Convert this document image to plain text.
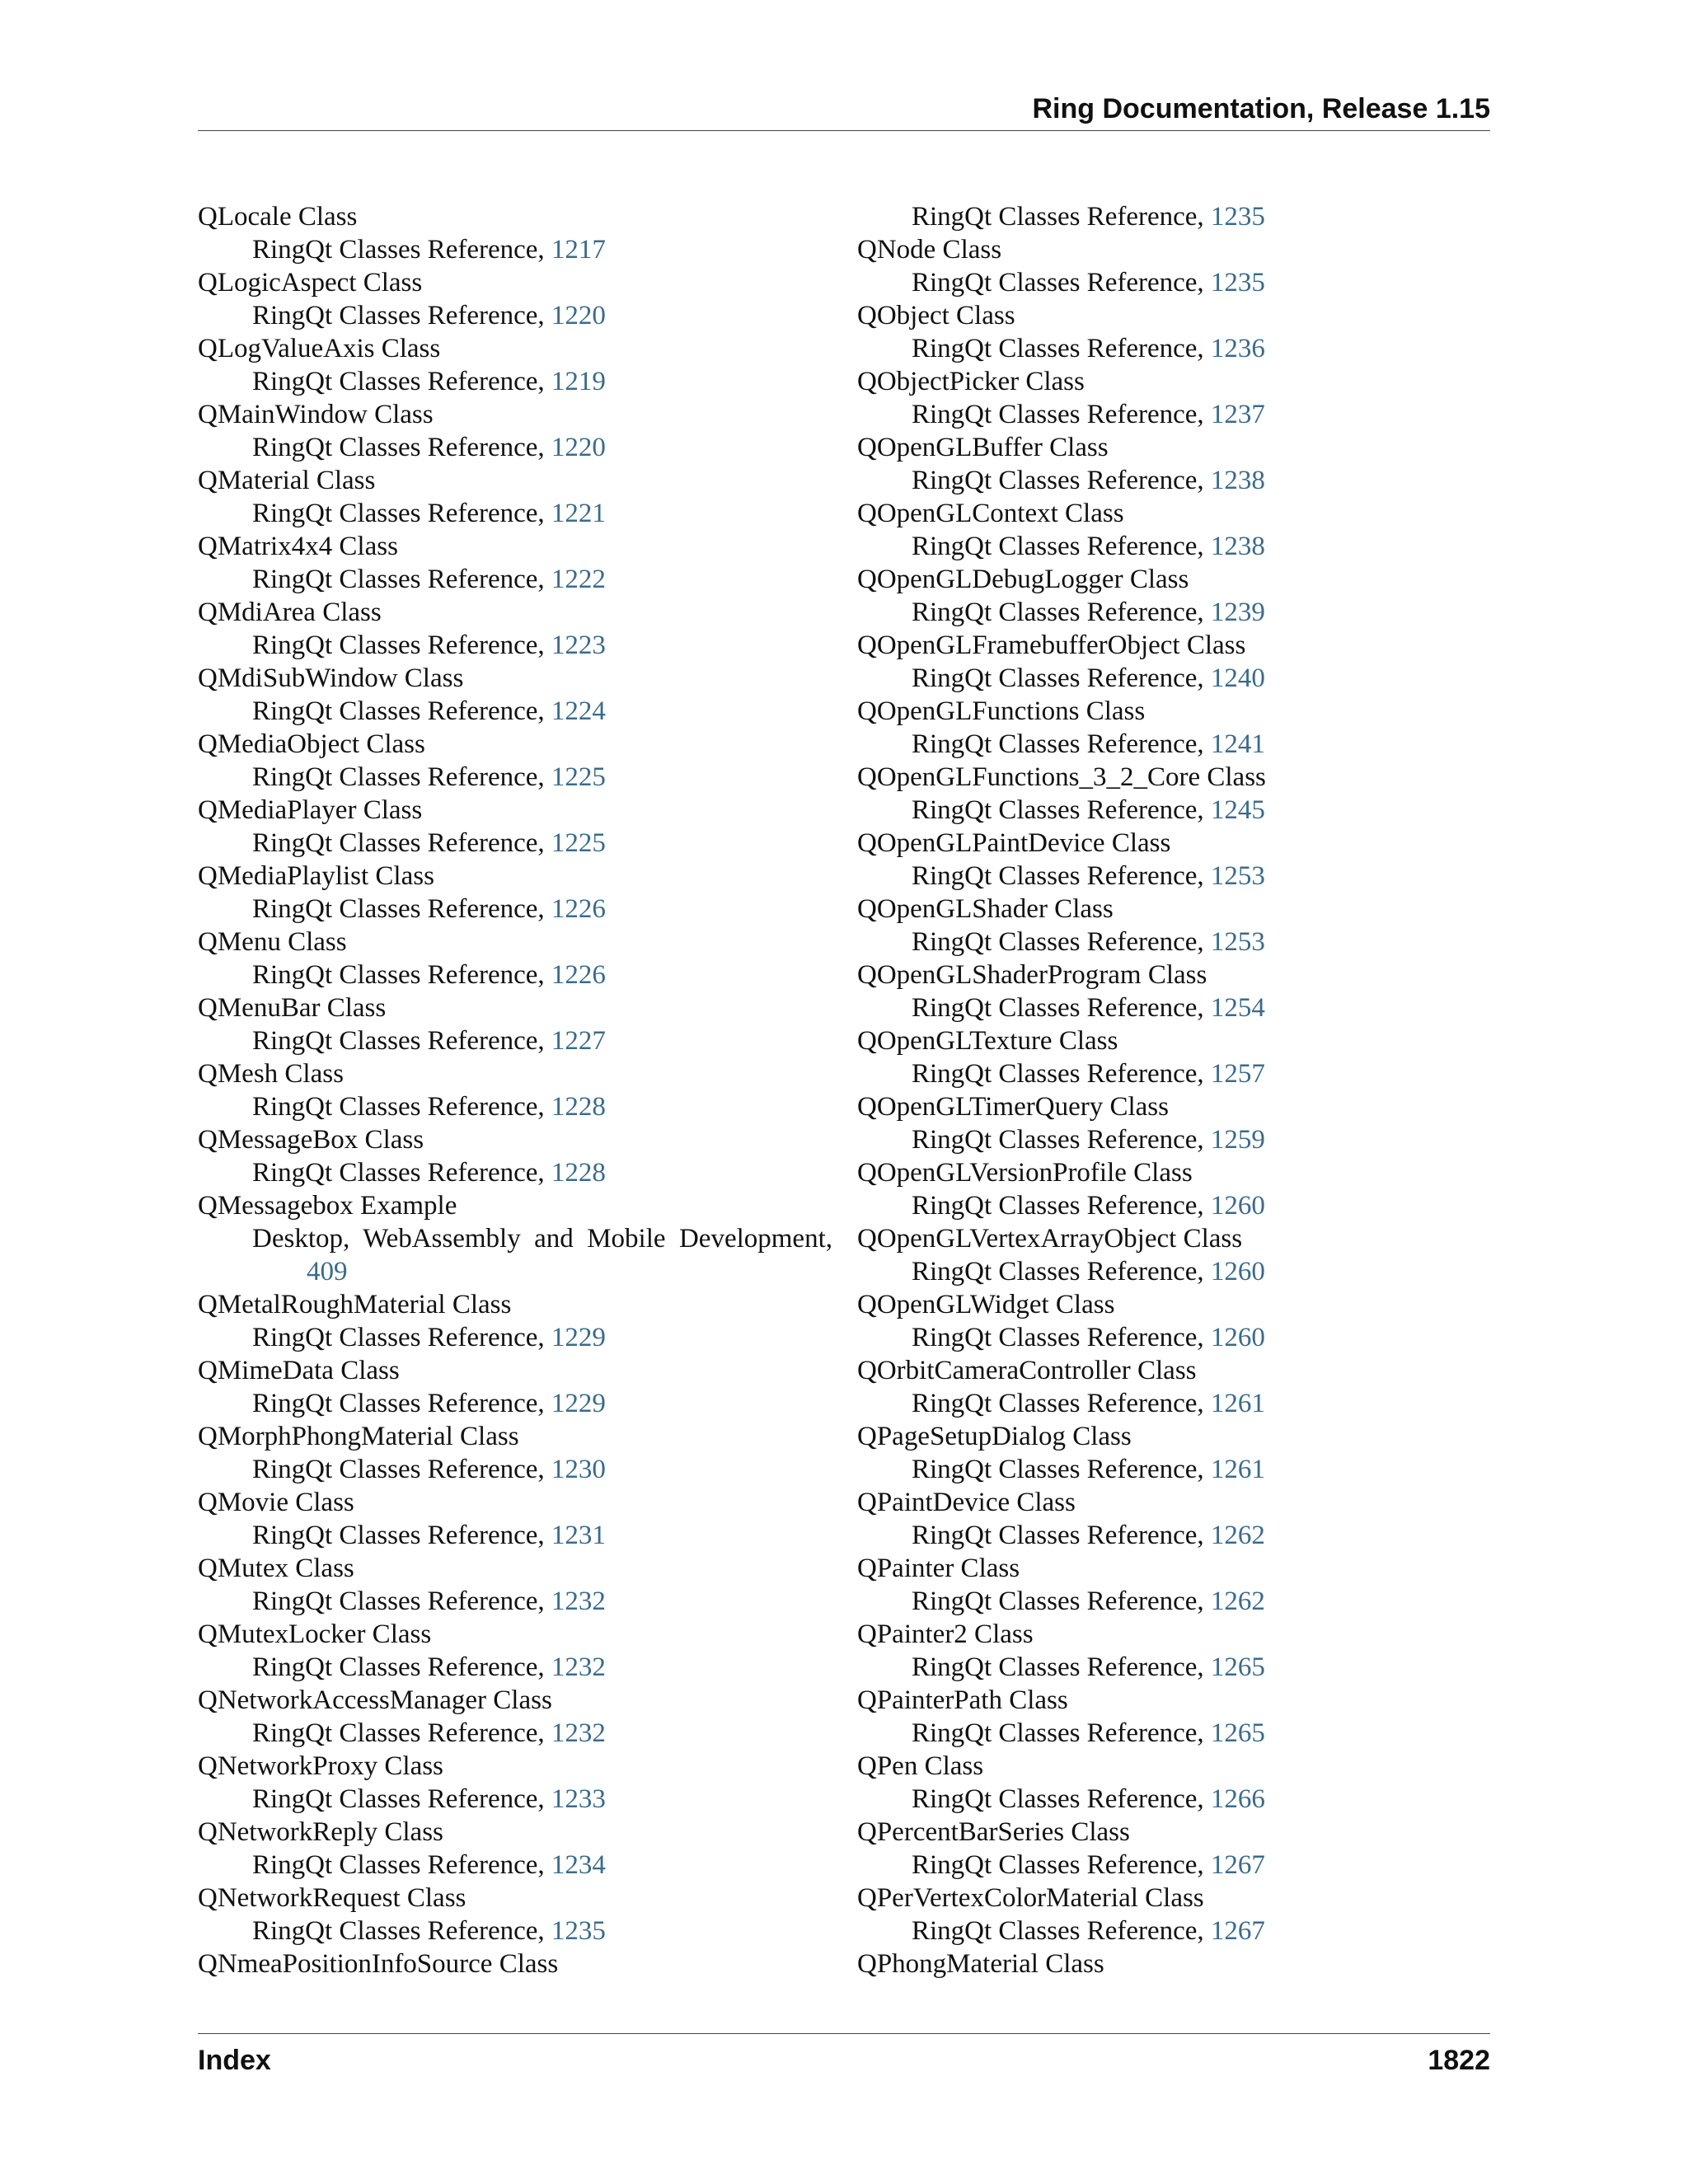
Ring Documentation, Release 1.15
QLocale Class
RingQt Classes Reference, 1217
QLogicAspect Class
RingQt Classes Reference, 1220
QLogValueAxis Class
RingQt Classes Reference, 1219
QMainWindow Class
RingQt Classes Reference, 1220
QMaterial Class
RingQt Classes Reference, 1221
QMatrix4x4 Class
RingQt Classes Reference, 1222
QMdiArea Class
RingQt Classes Reference, 1223
QMdiSubWindow Class
RingQt Classes Reference, 1224
QMediaObject Class
RingQt Classes Reference, 1225
QMediaPlayer Class
RingQt Classes Reference, 1225
QMediaPlaylist Class
RingQt Classes Reference, 1226
QMenu Class
RingQt Classes Reference, 1226
QMenuBar Class
RingQt Classes Reference, 1227
QMesh Class
RingQt Classes Reference, 1228
QMessageBox Class
RingQt Classes Reference, 1228
QMessagebox Example
Desktop, WebAssembly and Mobile Development,
409
QMetalRoughMaterial Class
RingQt Classes Reference, 1229
QMimeData Class
RingQt Classes Reference, 1229
QMorphPhongMaterial Class
RingQt Classes Reference, 1230
QMovie Class
RingQt Classes Reference, 1231
QMutex Class
RingQt Classes Reference, 1232
QMutexLocker Class
RingQt Classes Reference, 1232
QNetworkAccessManager Class
RingQt Classes Reference, 1232
QNetworkProxy Class
RingQt Classes Reference, 1233
QNetworkReply Class
RingQt Classes Reference, 1234
QNetworkRequest Class
RingQt Classes Reference, 1235
QNmeaPositionInfoSource Class
RingQt Classes Reference, 1235
QNode Class
RingQt Classes Reference, 1235
QObject Class
RingQt Classes Reference, 1236
QObjectPicker Class
RingQt Classes Reference, 1237
QOpenGLBuffer Class
RingQt Classes Reference, 1238
QOpenGLContext Class
RingQt Classes Reference, 1238
QOpenGLDebugLogger Class
RingQt Classes Reference, 1239
QOpenGLFramebufferObject Class
RingQt Classes Reference, 1240
QOpenGLFunctions Class
RingQt Classes Reference, 1241
QOpenGLFunctions_3_2_Core Class
RingQt Classes Reference, 1245
QOpenGLPaintDevice Class
RingQt Classes Reference, 1253
QOpenGLShader Class
RingQt Classes Reference, 1253
QOpenGLShaderProgram Class
RingQt Classes Reference, 1254
QOpenGLTexture Class
RingQt Classes Reference, 1257
QOpenGLTimerQuery Class
RingQt Classes Reference, 1259
QOpenGLVersionProfile Class
RingQt Classes Reference, 1260
QOpenGLVertexArrayObject Class
RingQt Classes Reference, 1260
QOpenGLWidget Class
RingQt Classes Reference, 1260
QOrbitCameraController Class
RingQt Classes Reference, 1261
QPageSetupDialog Class
RingQt Classes Reference, 1261
QPaintDevice Class
RingQt Classes Reference, 1262
QPainter Class
RingQt Classes Reference, 1262
QPainter2 Class
RingQt Classes Reference, 1265
QPainterPath Class
RingQt Classes Reference, 1265
QPen Class
RingQt Classes Reference, 1266
QPercentBarSeries Class
RingQt Classes Reference, 1267
QPerVertexColorMaterial Class
RingQt Classes Reference, 1267
QPhongMaterial Class
Index	1822
